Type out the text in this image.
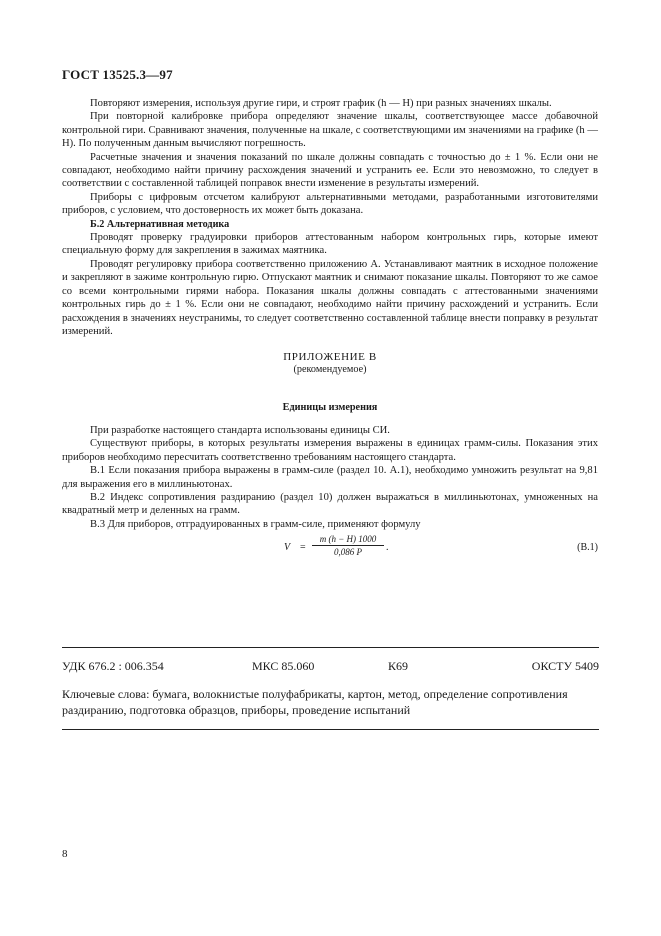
ГОСТ 13525.3—97

Повторяют измерения, используя другие гири, и строят график (h — H) при разных значениях шкалы.

При повторной калибровке прибора определяют значение шкалы, соответствующее массе добавочной контрольной гири. Сравнивают значения, полученные на шкале, с соответствующими им значениями на графике (h — H). По полученным данным вычисляют погрешность.

Расчетные значения и значения показаний по шкале должны совпадать с точностью до ± 1 %. Если они не совпадают, необходимо найти причину расхождения значений и устранить ее. Если это невозможно, то следует в соответствии с составленной таблицей поправок внести изменение в результаты измерений.

Приборы с цифровым отсчетом калибруют альтернативными методами, разработанными изготовителями приборов, с условием, что достоверность их может быть доказана.

Б.2 Альтернативная методика

Проводят проверку градуировки приборов аттестованным набором контрольных гирь, которые имеют специальную форму для закрепления в зажимах маятника.

Проводят регулировку прибора соответственно приложению А. Устанавливают маятник в исходное положение и закрепляют в зажиме контрольную гирю. Отпускают маятник и снимают показание шкалы. Повторяют то же самое со всеми контрольными гирями набора. Показания шкалы должны совпадать с аттестованными значениями контрольных гирь до ± 1 %. Если они не совпадают, необходимо найти причину расхождений и устранить. Если расхождения в значениях неустранимы, то следует соответственно составленной таблице внести поправку в результат измерений.

ПРИЛОЖЕНИЕ В
(рекомендуемое)
Единицы измерения

При разработке настоящего стандарта использованы единицы СИ.

Существуют приборы, в которых результаты измерения выражены в единицах грамм-силы. Показания этих приборов необходимо пересчитать соответственно требованиям настоящего стандарта.

В.1 Если показания прибора выражены в грамм-силе (раздел 10. А.1), необходимо умножить результат на 9,81 для выражения его в миллиньютонах.

В.2 Индекс сопротивления раздиранию (раздел 10) должен выражаться в миллиньютонах, умноженных на квадратный метр и деленных на грамм.

В.3 Для приборов, отградуированных в грамм-силе, применяют формулу

V =
m (h − H) 1000
0,086 P	.	(В.1)
УДК 676.2 : 006.354	МКС 85.060	К69	ОКСТУ 5409
Ключевые слова: бумага, волокнистые полуфабрикаты, картон, метод, определение сопротивления раздиранию, подготовка образцов, приборы, проведение испытаний
8
